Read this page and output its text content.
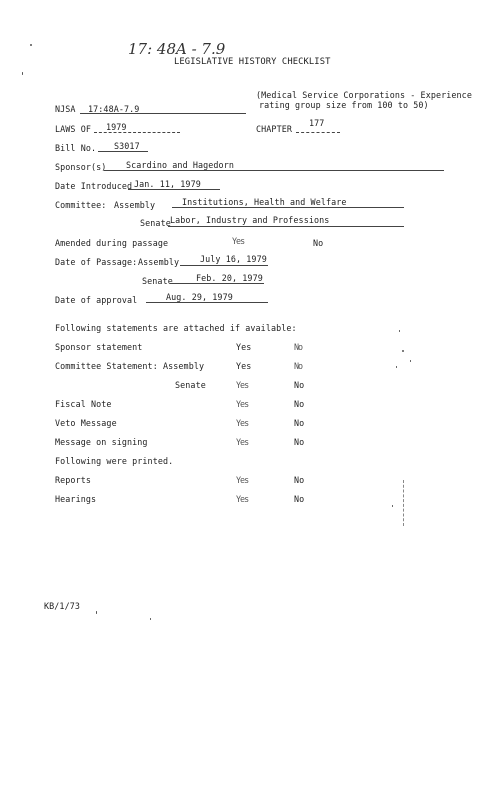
17: 48A - 7.9
LEGISLATIVE HISTORY CHECKLIST
(Medical Service Corporations - Experience
rating group size from 100 to 50)
NJSA 17:48A-7.9
LAWS OF 1979	CHAPTER
177
Bill No. S3017
Sponsor(s) Scardino and Hagedorn
Date Introduced Jan. 11, 1979
Committee: Assembly	Institutions, Health and Welfare
Senate Labor, Industry and Professions
Amended during passage	Yes	No
Date of Passage: Assembly July 16, 1979
Senate	Feb. 20, 1979
Date of approval	Aug. 29, 1979
Following statements are attached if available:
Sponsor statement	Yes	No
Committee Statement: Assembly	Yes	No
Senate	Yes	No
Fiscal Note	Yes	No
Veto Message	Yes	No
Message on signing	Yes	No
Following were printed.
Reports	Yes	No
Hearings	Yes	No
KB/1/73
